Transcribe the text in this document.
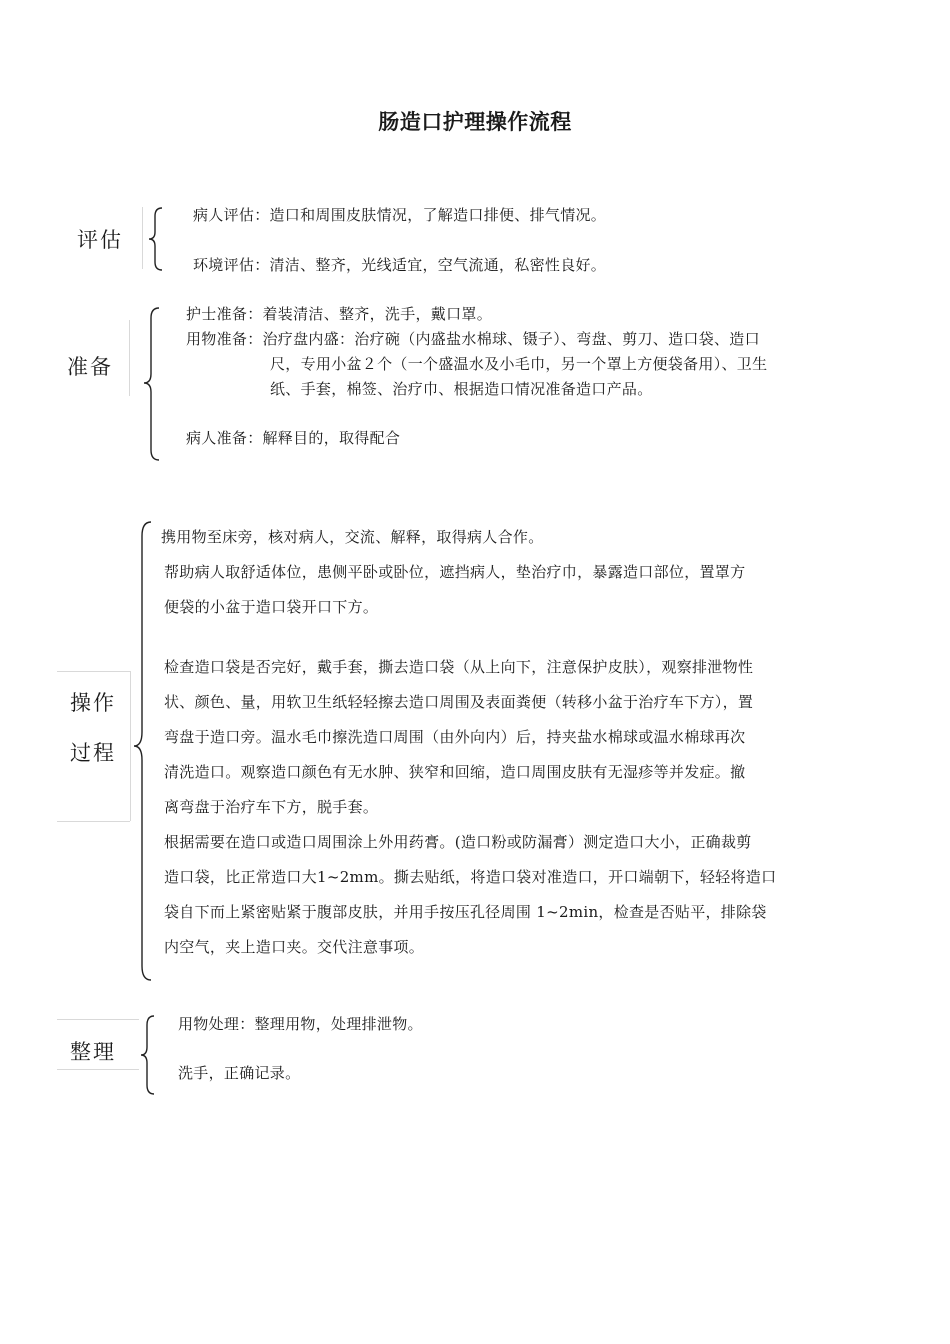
肠造口护理操作流程
评估
病人评估：造口和周围皮肤情况，了解造口排便、排气情况。
环境评估：清洁、整齐，光线适宜，空气流通，私密性良好。
准备
护士准备：着装清洁、整齐，洗手，戴口罩。
用物准备：治疗盘内盛：治疗碗（内盛盐水棉球、镊子）、弯盘、剪刀、造口袋、造口
尺，专用小盆２个（一个盛温水及小毛巾，另一个罩上方便袋备用）、卫生
纸、手套，棉签、治疗巾、根据造口情况准备造口产品。
病人准备：解释目的，取得配合
操作
过程
携用物至床旁，核对病人，交流、解释，取得病人合作。
帮助病人取舒适体位，患侧平卧或卧位，遮挡病人，垫治疗巾，暴露造口部位，置罩方
便袋的小盆于造口袋开口下方。
检查造口袋是否完好，戴手套，撕去造口袋（从上向下，注意保护皮肤），观察排泄物性
状、颜色、量，用软卫生纸轻轻擦去造口周围及表面粪便（转移小盆于治疗车下方），置
弯盘于造口旁。温水毛巾擦洗造口周围（由外向内）后，持夹盐水棉球或温水棉球再次
清洗造口。观察造口颜色有无水肿、狭窄和回缩，造口周围皮肤有无湿疹等并发症。撤
离弯盘于治疗车下方，脱手套。
根据需要在造口或造口周围涂上外用药膏。(造口粉或防漏膏）测定造口大小，正确裁剪
造口袋，比正常造口大1~2mm。撕去贴纸，将造口袋对准造口，开口端朝下，轻轻将造口
袋自下而上紧密贴紧于腹部皮肤，并用手按压孔径周围 1~2min，检查是否贴平，排除袋
内空气，夹上造口夹。交代注意事项。
整理
用物处理：整理用物，处理排泄物。
洗手，正确记录。
